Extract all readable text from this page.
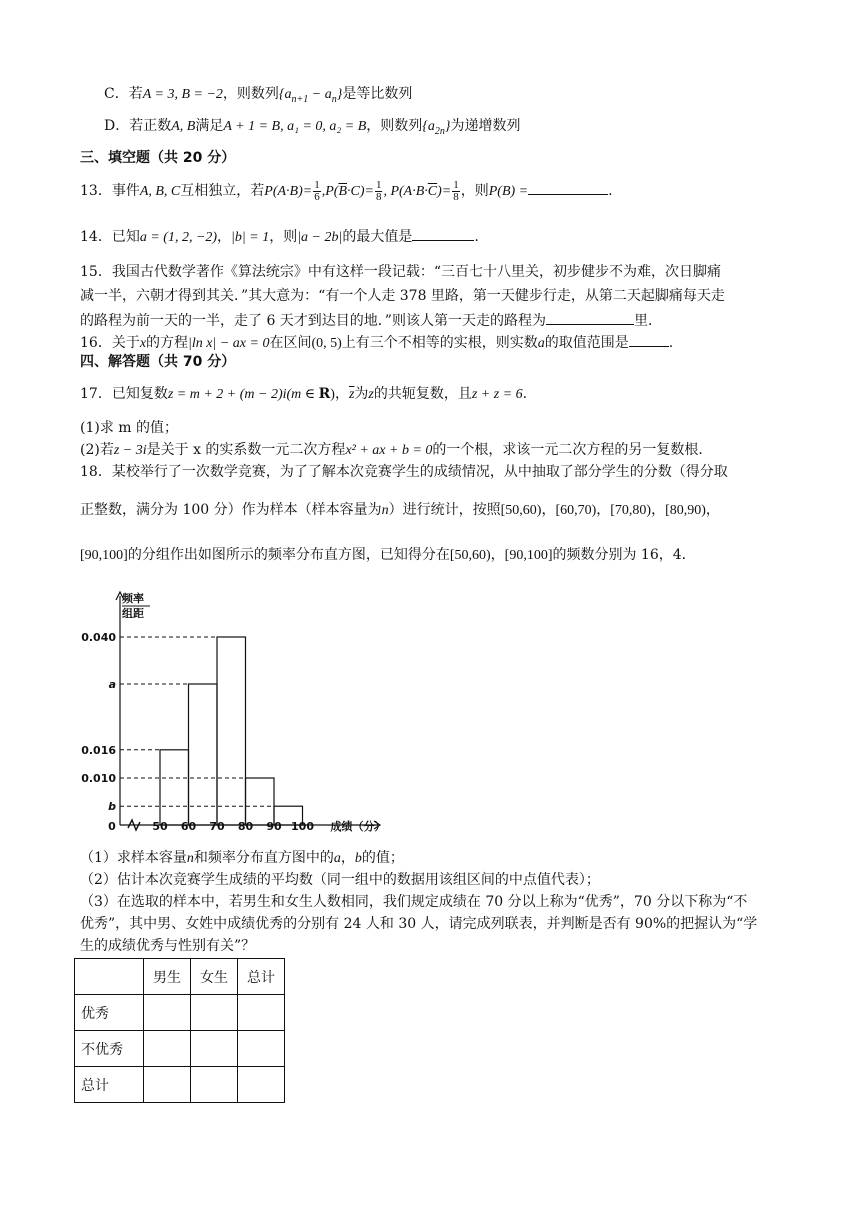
C．若A = 3, B = −2，则数列$\{a_{n+1} - a_n\}$是等比数列
D．若正数A, B满足A + 1 = B, a₁ = 0, a₂ = B，则数列$\{a_{2n}\}$为递增数列
三、填空题（共 20 分）
13．事件A, B, C互相独立，若$P(A\cdot B)= \frac{1}{6} ,P(\overline{B}\cdot C)= \frac{1}{8}$ , $P(A\cdot B\cdot\overline{C})= \frac{1}{8}$ ，则P(B) =	.
14．已知a = (1, 2, −2)，|b| = 1，则|a − 2b|的最大值是	.
15．我国古代数学著作《算法统宗》中有这样一段记载：“三百七十八里关，初步健步不为难，次日脚痛
减一半，六朝才得到其关．”其大意为：“有一个人走 378 里路，第一天健步行走，从第二天起脚痛每天走
的路程为前一天的一半，走了 6 天才到达目的地．”则该人第一天走的路程为	里．
16．关于x的方程|ln x| − ax = 0在区间(0, 5)上有三个不相等的实根，则实数a的取值范围是	.
四、解答题（共 70 分）
17．已知复数z = m + 2 + (m − 2)i(m ∈ R)，$\overline{z}$为z的共轭复数，且z + z = 6.
(1)求 m 的值；
(2)若z − 3i是关于 x 的实系数一元二次方程x² + ax + b = 0的一个根，求该一元二次方程的另一复数根．
18．某校举行了一次数学竞赛，为了了解本次竞赛学生的成绩情况，从中抽取了部分学生的分数（得分取
正整数，满分为 100 分）作为样本（样本容量为n）进行统计，按照[50,60)，[60,70)，[70,80)，[80,90)，
[90,100]的分组作出如图所示的频率分布直方图，已知得分在[50,60)，[90,100]的频数分别为 16，4．
频率
组距
0	50 60 70 80 90 100 成绩（分）
0.040
a
0.016
0.010
b
（1）求样本容量n和频率分布直方图中的a，b的值；
（2）估计本次竞赛学生成绩的平均数（同一组中的数据用该组区间的中点值代表）；
（3）在选取的样本中，若男生和女生人数相同，我们规定成绩在 70 分以上称为“优秀”，70 分以下称为“不
优秀”，其中男、女姓中成绩优秀的分别有 24 人和 30 人，请完成列联表，并判断是否有 90%的把握认为“学
生的成绩优秀与性别有关”？
	男生	女生	总计
优秀			
不优秀			
总计			
